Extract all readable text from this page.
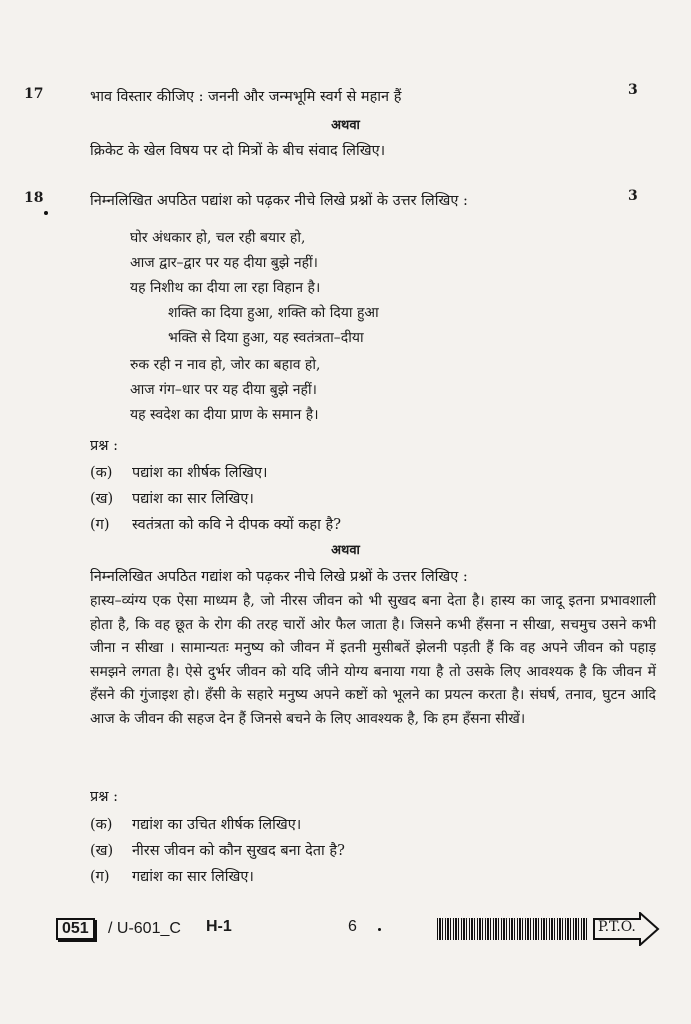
17	भाव विस्तार कीजिए : जननी और जन्मभूमि स्वर्ग से महान हैं	3
अथवा
क्रिकेट के खेल विषय पर दो मित्रों के बीच संवाद लिखिए।
18	निम्नलिखित अपठित पद्यांश को पढ़कर नीचे लिखे प्रश्नों के उत्तर लिखिए :	3
घोर अंधकार हो, चल रही बयार हो,
आज द्वार–द्वार पर यह दीया बुझे नहीं।
यह निशीथ का दीया ला रहा विहान है।
शक्ति का दिया हुआ, शक्ति को दिया हुआ
भक्ति से दिया हुआ, यह स्वतंत्रता–दीया
रुक रही न नाव हो, जोर का बहाव हो,
आज गंग–धार पर यह दीया बुझे नहीं।
यह स्वदेश का दीया प्राण के समान है।
प्रश्न :
(क) पद्यांश का शीर्षक लिखिए।
(ख) पद्यांश का सार लिखिए।
(ग) स्वतंत्रता को कवि ने दीपक क्यों कहा है?
अथवा
निम्नलिखित अपठित गद्यांश को पढ़कर नीचे लिखे प्रश्नों के उत्तर लिखिए :
हास्य–व्यंग्य एक ऐसा माध्यम है, जो नीरस जीवन को भी सुखद बना देता है। हास्य का जादू इतना प्रभावशाली होता है, कि वह छूत के रोग की तरह चारों ओर फैल जाता है। जिसने कभी हँसना न सीखा, सचमुच उसने कभी जीना न सीखा । सामान्यतः मनुष्य को जीवन में इतनी मुसीबतें झेलनी पड़ती हैं कि वह अपने जीवन को पहाड़ समझने लगता है। ऐसे दुर्भर जीवन को यदि जीने योग्य बनाया गया है तो उसके लिए आवश्यक है कि जीवन में हँसने की गुंजाइश हो। हँसी के सहारे मनुष्य अपने कष्टों को भूलने का प्रयत्न करता है। संघर्ष, तनाव, घुटन आदि आज के जीवन की सहज देन हैं जिनसे बचने के लिए आवश्यक है, कि हम हँसना सीखें।
प्रश्न :
(क) गद्यांश का उचित शीर्षक लिखिए।
(ख) नीरस जीवन को कौन सुखद बना देता है?
(ग) गद्यांश का सार लिखिए।
051	/ U-601_C H-1	6	P.T.O.
